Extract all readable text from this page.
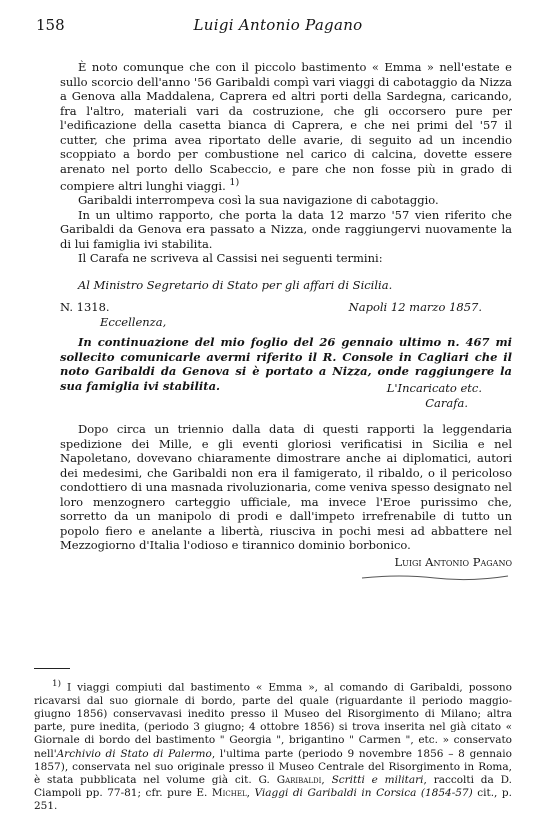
158	Luigi Antonio Pagano

È noto comunque che con il piccolo bastimento « Emma » nell'estate e sullo scorcio dell'anno '56 Garibaldi compì vari viaggi di cabotaggio da Nizza a Genova alla Maddalena, Caprera ed altri porti della Sardegna, caricando, fra l'altro, materiali vari da costruzione, che gli occorsero pure per l'edificazione della casetta bianca di Caprera, e che nei primi del '57 il cutter, che prima avea riportato delle avarie, di seguito ad un incendio scoppiato a bordo per combustione nel carico di calcina, dovette essere arenato nel porto dello Scabeccio, e pare che non fosse più in grado di compiere altri lunghi viaggi. $^{1)}$

Garibaldi interrompeva così la sua navigazione di cabotaggio.

In un ultimo rapporto, che porta la data 12 marzo '57 vien riferito che Garibaldi da Genova era passato a Nizza, onde raggiungervi nuovamente la di lui famiglia ivi stabilita.

Il Carafa ne scriveva al Cassisi nei seguenti termini:

Al Ministro Segretario di Stato per gli affari di Sicilia.

N. 1318.	Napoli 12 marzo 1857.

Eccellenza,

In continuazione del mio foglio del 26 gennaio ultimo n. 467 mi sollecito comunicarle avermi riferito il R. Console in Cagliari che il noto Garibaldi da Genova si è portato a Nizza, onde raggiungere la sua famiglia ivi stabilita.	L'Incaricato etc.

Carafa.

Dopo circa un triennio dalla data di questi rapporti la leggendaria spedizione dei Mille, e gli eventi gloriosi verificatisi in Sicilia e nel Napoletano, dovevano chiaramente dimostrare anche ai diplomatici, autori dei medesimi, che Garibaldi non era il famigerato, il ribaldo, o il pericoloso condottiero di una masnada rivoluzionaria, come veniva spesso designato nel loro menzognero carteggio ufficiale, ma invece l'Eroe purissimo che, sorretto da un manipolo di prodi e dall'impeto irrefrenabile di tutto un popolo fiero e anelante a libertà, riusciva in pochi mesi ad abbattere nel Mezzogiorno d'Italia l'odioso e tirannico dominio borbonico.

Luigi Antonio Pagano

$^{1)}$ I viaggi compiuti dal bastimento « Emma », al comando di Garibaldi, possono ricavarsi dal suo giornale di bordo, parte del quale (riguardante il periodo maggio-giugno 1856) conservavasi inedito presso il Museo del Risorgimento di Milano; altra parte, pure inedita, (periodo 3 giugno; 4 ottobre 1856) si trova inserita nel già citato « Giornale di bordo del bastimento " Georgia ", brigantino " Carmen ", etc. » conservato nell'Archivio di Stato di Palermo, l'ultima parte (periodo 9 novembre 1856 – 8 gennaio 1857), conservata nel suo originale presso il Museo Centrale del Risorgimento in Roma, è stata pubblicata nel volume già cit. G. Garibaldi, Scritti e militari, raccolti da D. Ciampoli pp. 77-81; cfr. pure E. Michel, Viaggi di Garibaldi in Corsica (1854-57) cit., p. 251.
